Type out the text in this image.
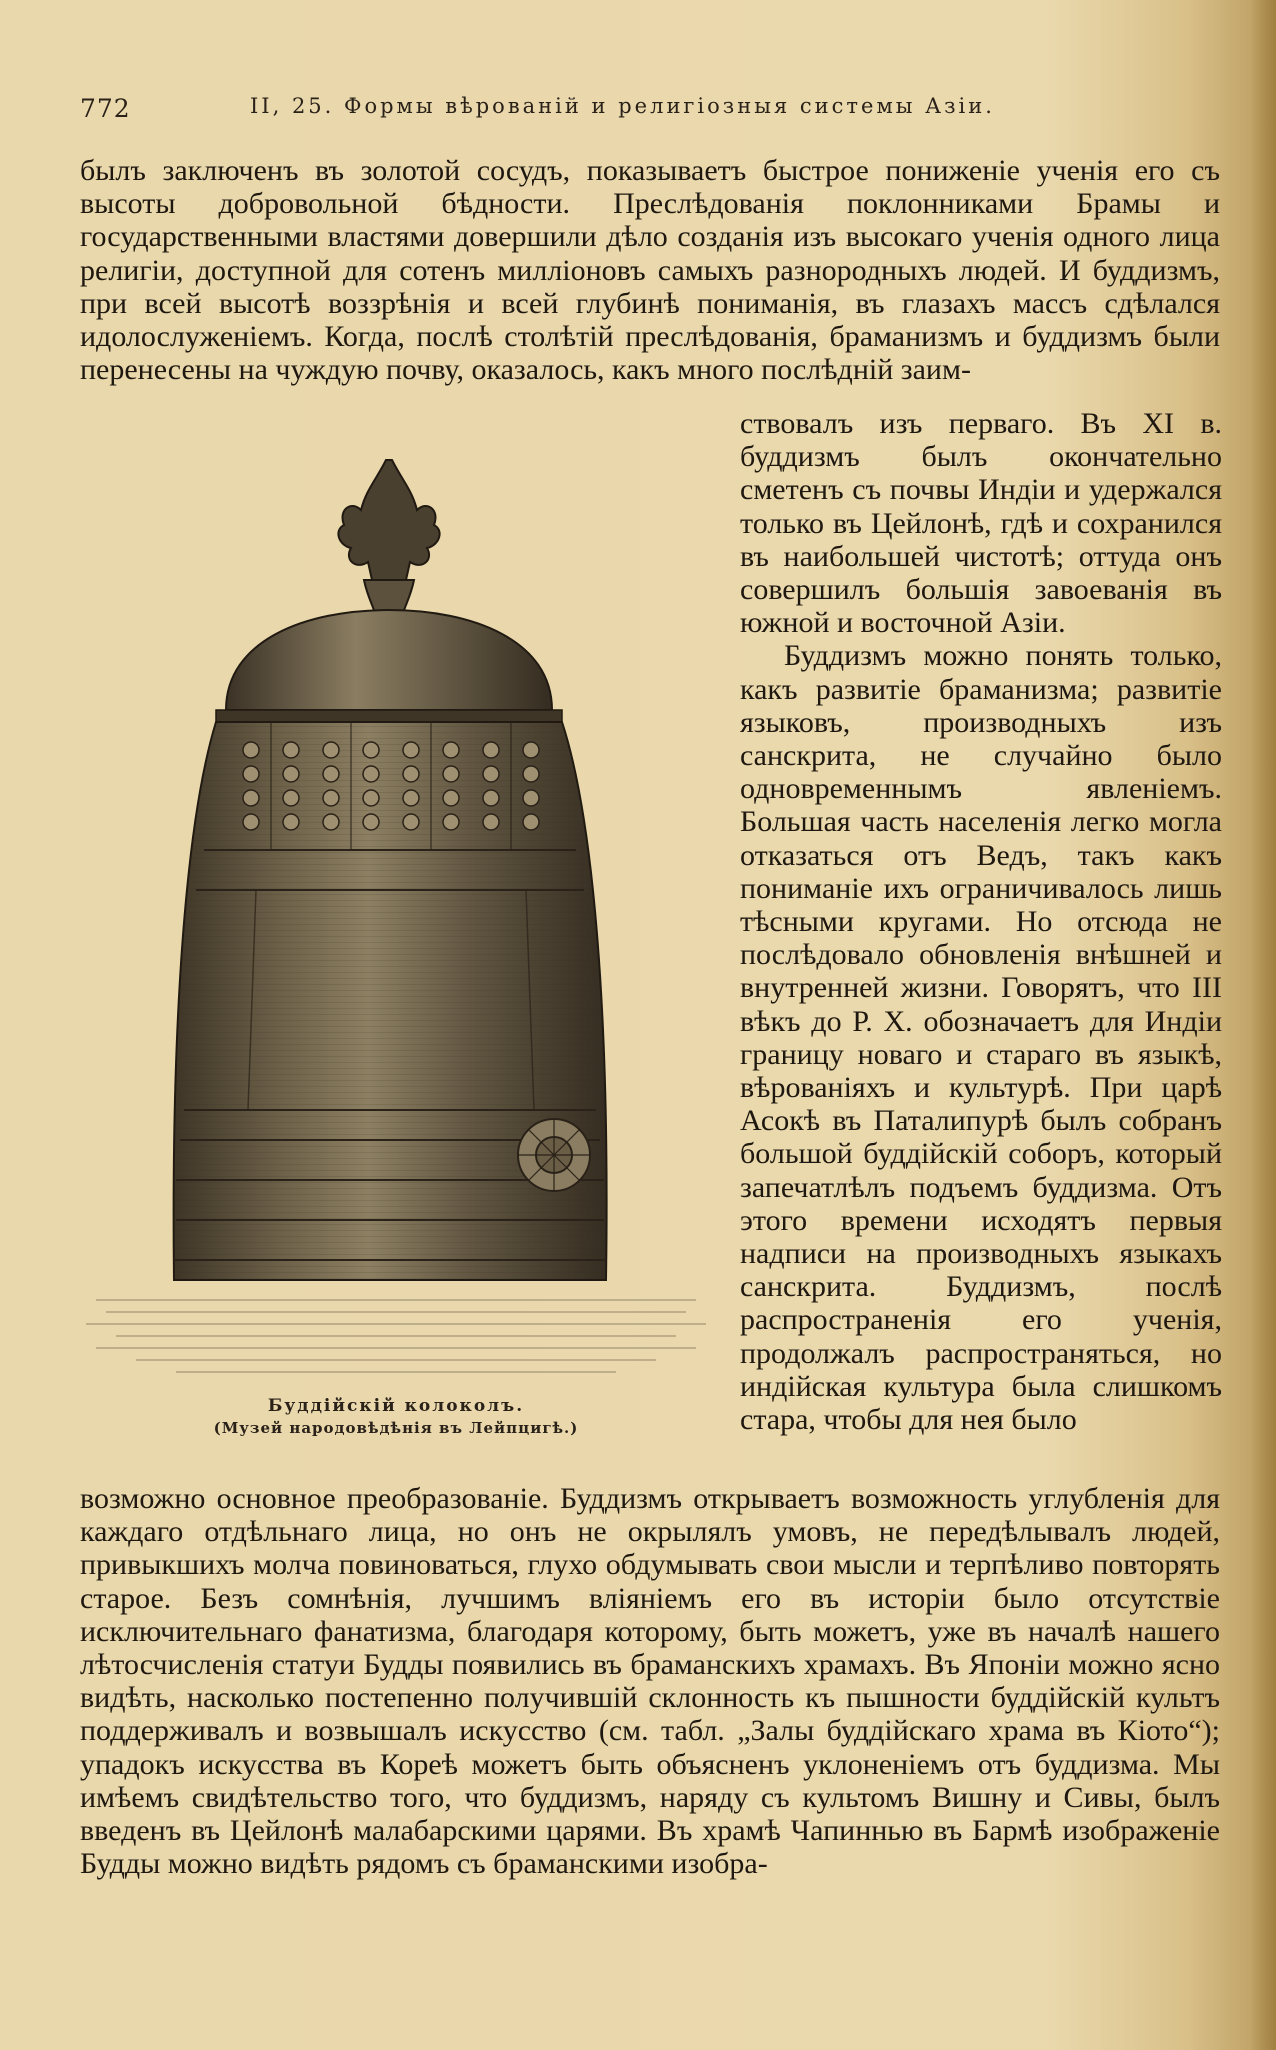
772	II, 25. Формы вѣрованій и религіозныя системы Азіи.

былъ заключенъ въ золотой сосудъ, показываетъ быстрое пониженіе ученія его съ высоты добровольной бѣдности. Преслѣдованія поклонниками Брамы и государственными властями довершили дѣло созданія изъ высокаго ученія одного лица религіи, доступной для сотенъ милліоновъ самыхъ разнородныхъ людей. И буддизмъ, при всей высотѣ воззрѣнія и всей глубинѣ пониманія, въ глазахъ массъ сдѣлался идолослуженіемъ. Когда, послѣ столѣтій преслѣдованія, браманизмъ и буддизмъ были перенесены на чуждую почву, оказалось, какъ много послѣдній заим-

Буддійскій колоколъ.
(Музей народовѣдѣнія въ Лейпцигѣ.)

ствовалъ изъ перваго. Въ XI в. буддизмъ былъ окончательно сметенъ съ почвы Индіи и удержался только въ Цейлонѣ, гдѣ и сохранился въ наибольшей чистотѣ; оттуда онъ совершилъ большія завоеванія въ южной и восточной Азіи.

Буддизмъ можно понять только, какъ развитіе браманизма; развитіе языковъ, производныхъ изъ санскрита, не случайно было одновременнымъ явленіемъ. Большая часть населенія легко могла отказаться отъ Ведъ, такъ какъ пониманіе ихъ ограничивалось лишь тѣсными кругами. Но отсюда не послѣдовало обновленія внѣшней и внутренней жизни. Говорятъ, что III вѣкъ до Р. Х. обозначаетъ для Индіи границу новаго и стараго въ языкѣ, вѣрованіяхъ и культурѣ. При царѣ Асокѣ въ Паталипурѣ былъ собранъ большой буддійскій соборъ, который запечатлѣлъ подъемъ буддизма. Отъ этого времени исходятъ первыя надписи на производныхъ языкахъ санскрита. Буддизмъ, послѣ распространенія его ученія, продолжалъ распространяться, но индійская культура была слишкомъ стара, чтобы для нея было

возможно основное преобразованіе. Буддизмъ открываетъ возможность углубленія для каждаго отдѣльнаго лица, но онъ не окрылялъ умовъ, не передѣлывалъ людей, привыкшихъ молча повиноваться, глухо обдумывать свои мысли и терпѣливо повторять старое. Безъ сомнѣнія, лучшимъ вліяніемъ его въ исторіи было отсутствіе исключительнаго фанатизма, благодаря которому, быть можетъ, уже въ началѣ нашего лѣтосчисленія статуи Будды появились въ браманскихъ храмахъ. Въ Японіи можно ясно видѣть, насколько постепенно получившій склонность къ пышности буддійскій культъ поддерживалъ и возвышалъ искусство (см. табл. „Залы буддійскаго храма въ Кіото“); упадокъ искусства въ Кореѣ можетъ быть объясненъ уклоненіемъ отъ буддизма. Мы имѣемъ свидѣтельство того, что буддизмъ, наряду съ культомъ Вишну и Сивы, былъ введенъ въ Цейлонѣ малабарскими царями. Въ храмѣ Чапиннью въ Бармѣ изображеніе Будды можно видѣть рядомъ съ браманскими изобра-
